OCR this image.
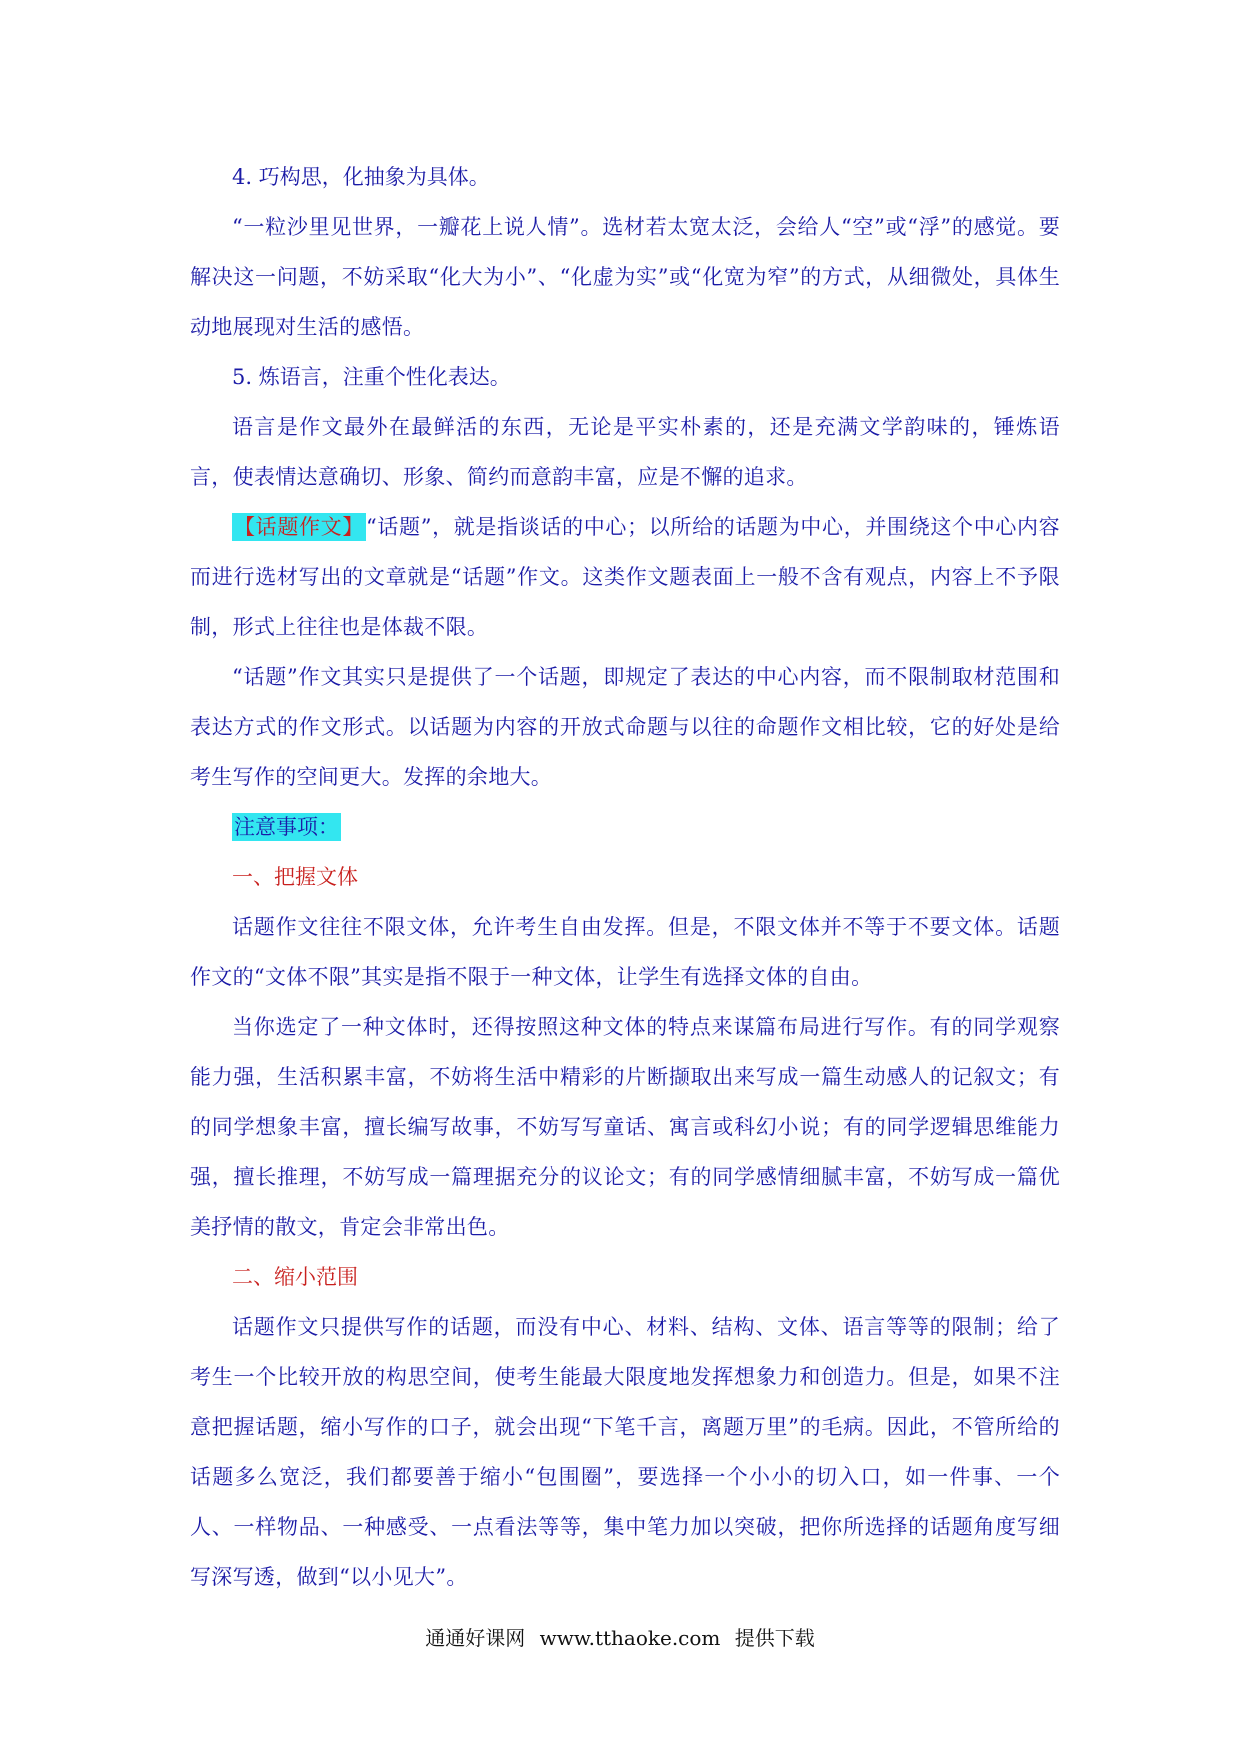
4. 巧构思，化抽象为具体。

“一粒沙里见世界，一瓣花上说人情”。选材若太宽太泛，会给人“空”或“浮”的感觉。要解决这一问题，不妨采取“化大为小”、“化虚为实”或“化宽为窄”的方式，从细微处，具体生动地展现对生活的感悟。

5. 炼语言，注重个性化表达。

语言是作文最外在最鲜活的东西，无论是平实朴素的，还是充满文学韵味的，锤炼语言，使表情达意确切、形象、简约而意韵丰富，应是不懈的追求。

【话题作文】“话题”，就是指谈话的中心；以所给的话题为中心，并围绕这个中心内容而进行选材写出的文章就是“话题”作文。这类作文题表面上一般不含有观点，内容上不予限制，形式上往往也是体裁不限。

“话题”作文其实只是提供了一个话题，即规定了表达的中心内容，而不限制取材范围和表达方式的作文形式。以话题为内容的开放式命题与以往的命题作文相比较，它的好处是给考生写作的空间更大。发挥的余地大。

注意事项：

一、把握文体

话题作文往往不限文体，允许考生自由发挥。但是，不限文体并不等于不要文体。话题作文的“文体不限”其实是指不限于一种文体，让学生有选择文体的自由。

当你选定了一种文体时，还得按照这种文体的特点来谋篇布局进行写作。有的同学观察能力强，生活积累丰富，不妨将生活中精彩的片断撷取出来写成一篇生动感人的记叙文；有的同学想象丰富，擅长编写故事，不妨写写童话、寓言或科幻小说；有的同学逻辑思维能力强，擅长推理，不妨写成一篇理据充分的议论文；有的同学感情细腻丰富，不妨写成一篇优美抒情的散文，肯定会非常出色。

二、缩小范围

话题作文只提供写作的话题，而没有中心、材料、结构、文体、语言等等的限制；给了考生一个比较开放的构思空间，使考生能最大限度地发挥想象力和创造力。但是，如果不注意把握话题，缩小写作的口子，就会出现“下笔千言，离题万里”的毛病。因此，不管所给的话题多么宽泛，我们都要善于缩小“包围圈”，要选择一个小小的切入口，如一件事、一个人、一样物品、一种感受、一点看法等等，集中笔力加以突破，把你所选择的话题角度写细写深写透，做到“以小见大”。

通通好课网 www.tthaoke.com 提供下载
